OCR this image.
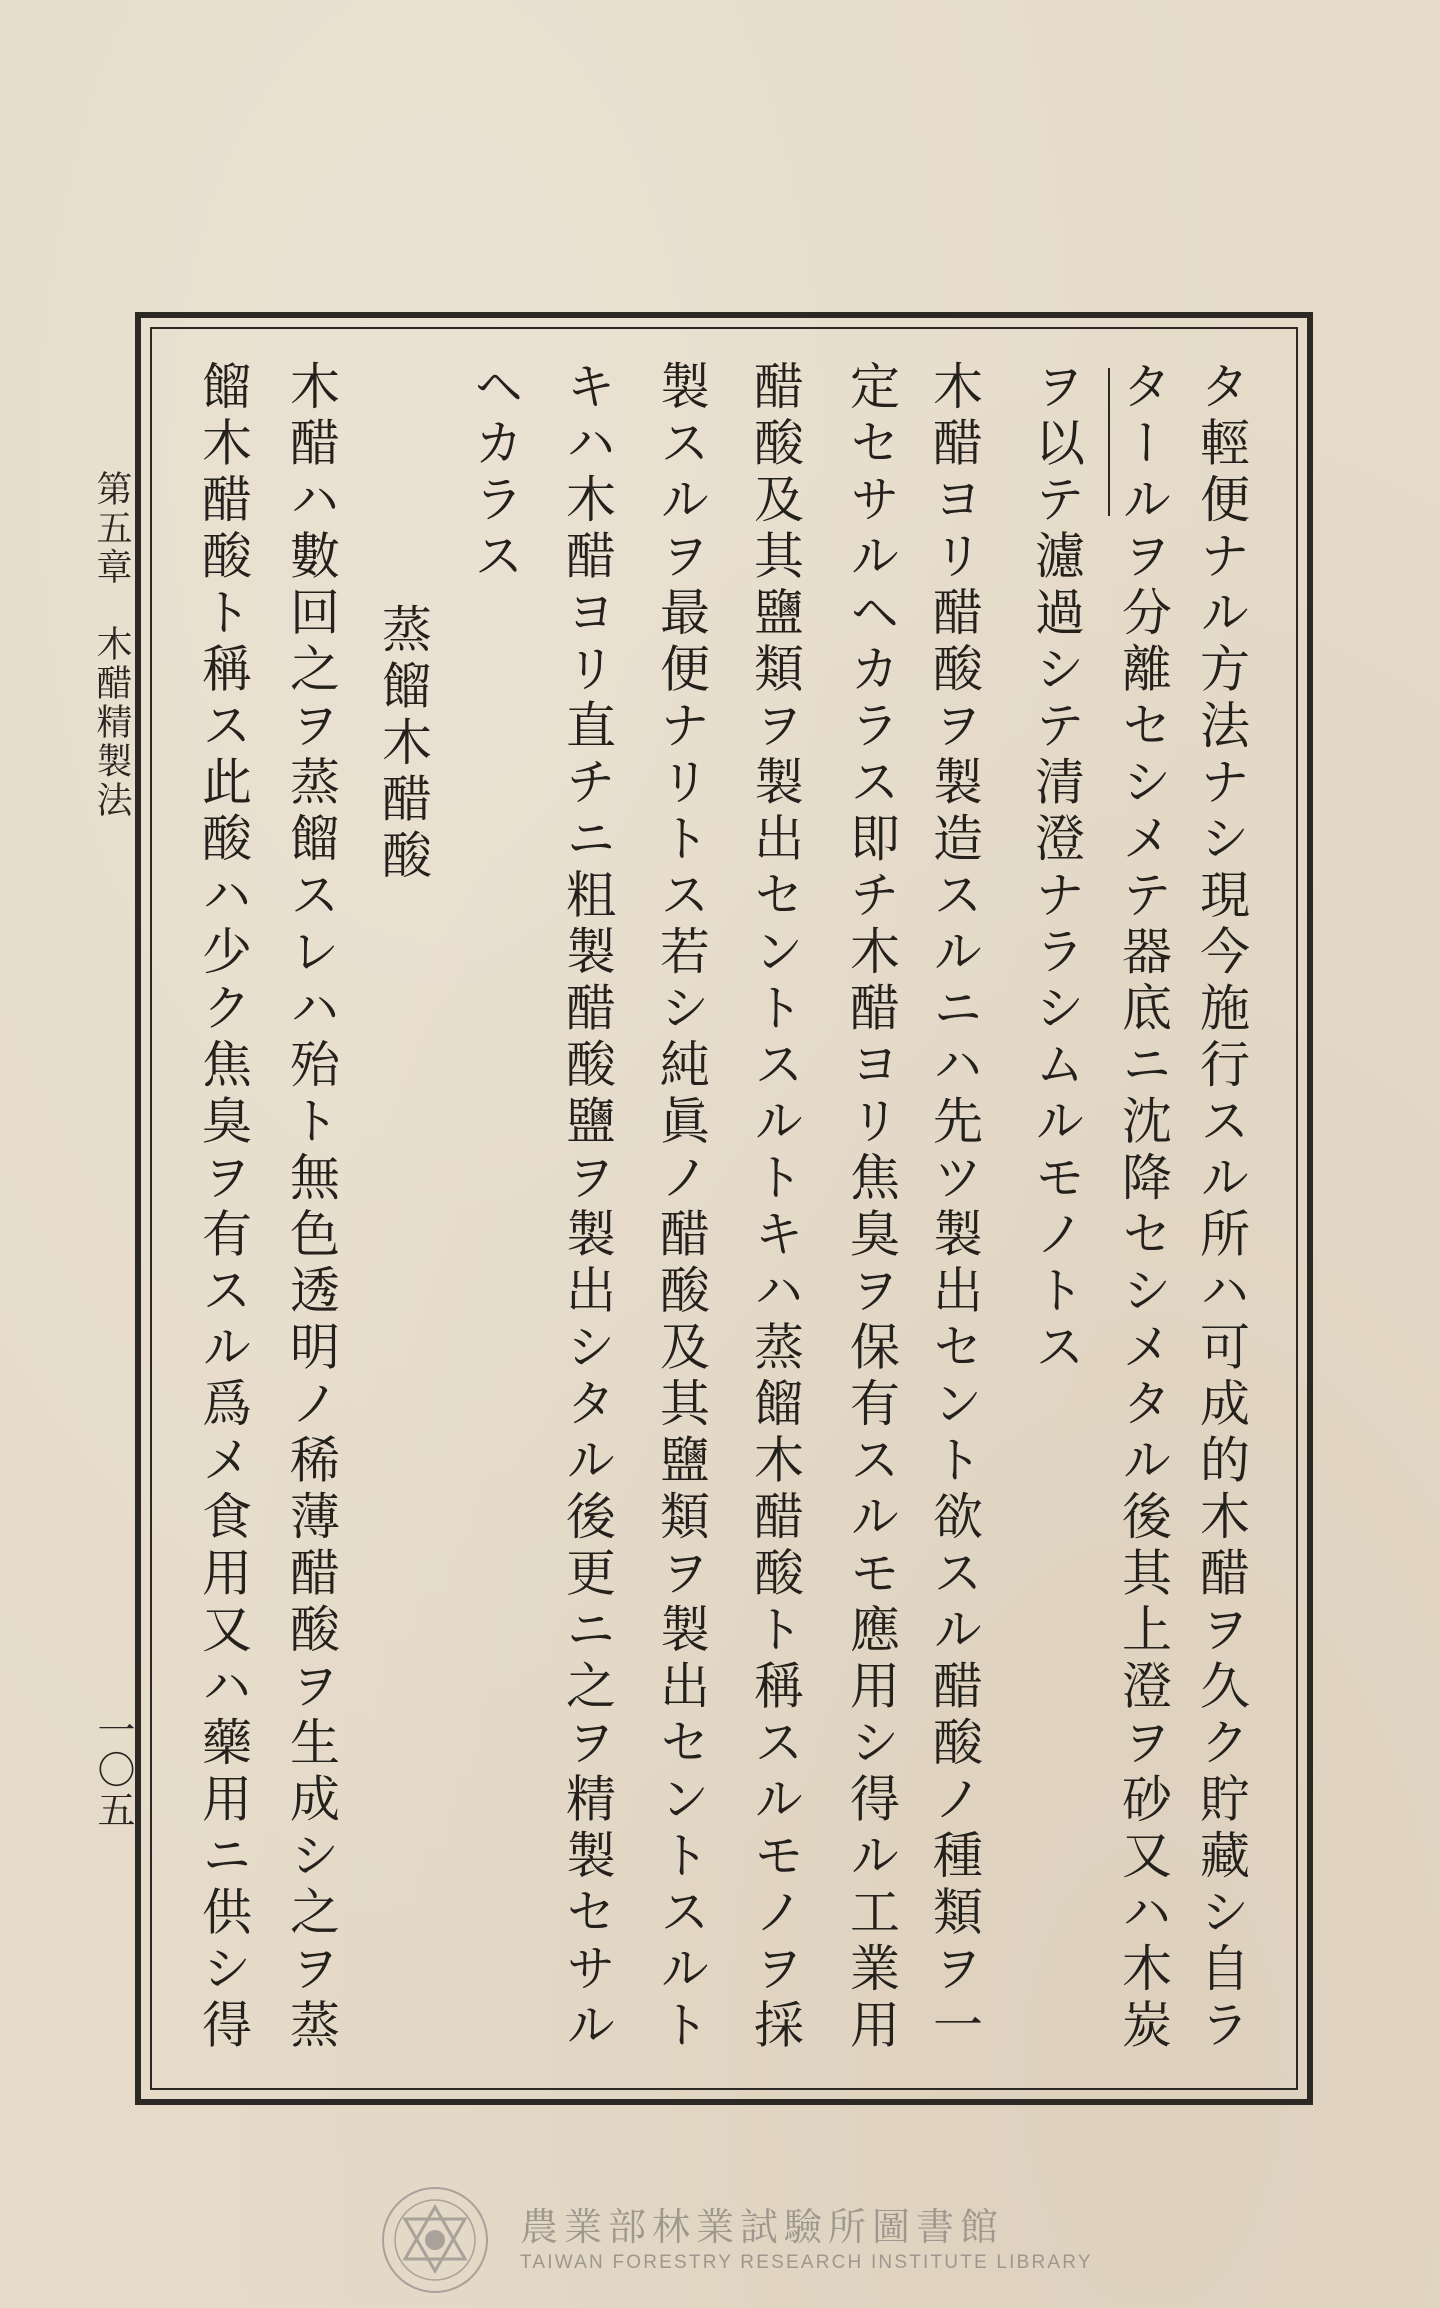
第五章木醋精製法
一〇五	タ輕便ナル方法ナシ現今施行スル所ハ可成的木醋ヲ久ク貯藏シ自ラ
タールヲ分離セシメテ器底ニ沈降セシメタル後其上澄ヲ砂又ハ木炭
ヲ以テ濾過シテ清澄ナラシムルモノトス
木醋ヨリ醋酸ヲ製造スルニハ先ツ製出セント欲スル醋酸ノ種類ヲ一
定セサルヘカラス即チ木醋ヨリ焦臭ヲ保有スルモ應用シ得ル工業用
醋酸及其鹽類ヲ製出セントスルトキハ蒸餾木醋酸ト稱スルモノヲ採
製スルヲ最便ナリトス若シ純眞ノ醋酸及其鹽類ヲ製出セントスルト
キハ木醋ヨリ直チニ粗製醋酸鹽ヲ製出シタル後更ニ之ヲ精製セサル
ヘカラス
　　蒸餾木醋酸
木醋ハ數回之ヲ蒸餾スレハ殆ト無色透明ノ稀薄醋酸ヲ生成シ之ヲ蒸
餾木醋酸ト稱ス此酸ハ少ク焦臭ヲ有スル爲メ食用又ハ藥用ニ供シ得
農業部林業試驗所圖書館
TAIWAN FORESTRY RESEARCH INSTITUTE LIBRARY
